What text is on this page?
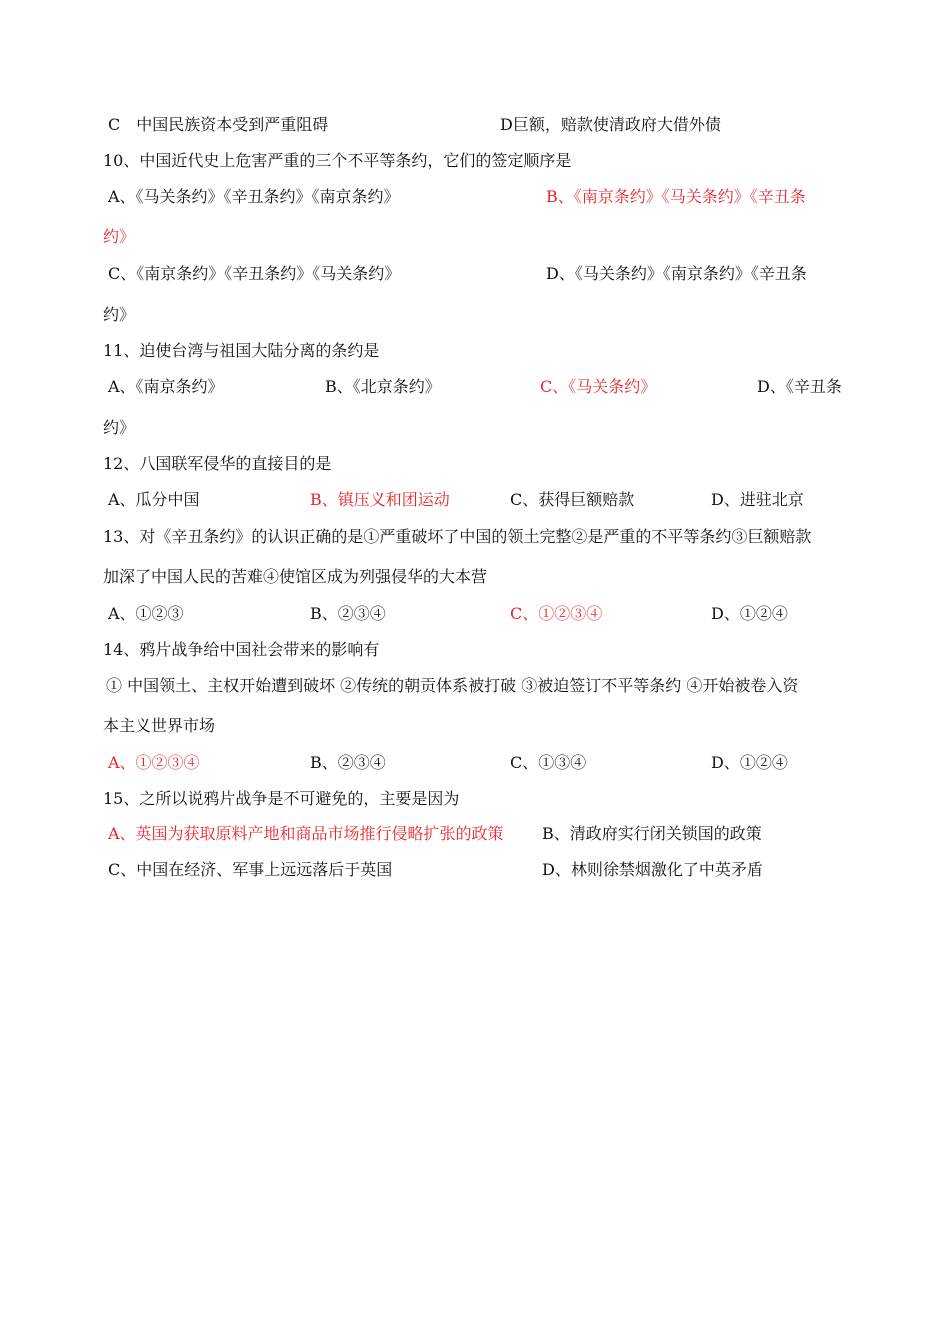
C　中国民族资本受到严重阻碍	D巨额，赔款使清政府大借外债
10、中国近代史上危害严重的三个不平等条约，它们的签定顺序是
A、《马关条约》《辛丑条约》《南京条约》	B、《南京条约》《马关条约》《辛丑条
约》
C、《南京条约》《辛丑条约》《马关条约》	D、《马关条约》《南京条约》《辛丑条
约》
11、迫使台湾与祖国大陆分离的条约是
A、《南京条约》	B、《北京条约》	C、《马关条约》	D、《辛丑条
约》
12、八国联军侵华的直接目的是
A、瓜分中国	B、镇压义和团运动	C、获得巨额赔款	D、进驻北京
13、对《辛丑条约》的认识正确的是①严重破坏了中国的领土完整②是严重的不平等条约③巨额赔款
加深了中国人民的苦难④使馆区成为列强侵华的大本营
A、①②③	B、②③④	C、①②③④	D、①②④
14、鸦片战争给中国社会带来的影响有
① 中国领土、主权开始遭到破坏 ②传统的朝贡体系被打破 ③被迫签订不平等条约 ④开始被卷入资
本主义世界市场
A、①②③④	B、②③④	C、①③④	D、①②④
15、之所以说鸦片战争是不可避免的，主要是因为
A、英国为获取原料产地和商品市场推行侵略扩张的政策 B、清政府实行闭关锁国的政策
C、中国在经济、军事上远远落后于英国	D、林则徐禁烟激化了中英矛盾
